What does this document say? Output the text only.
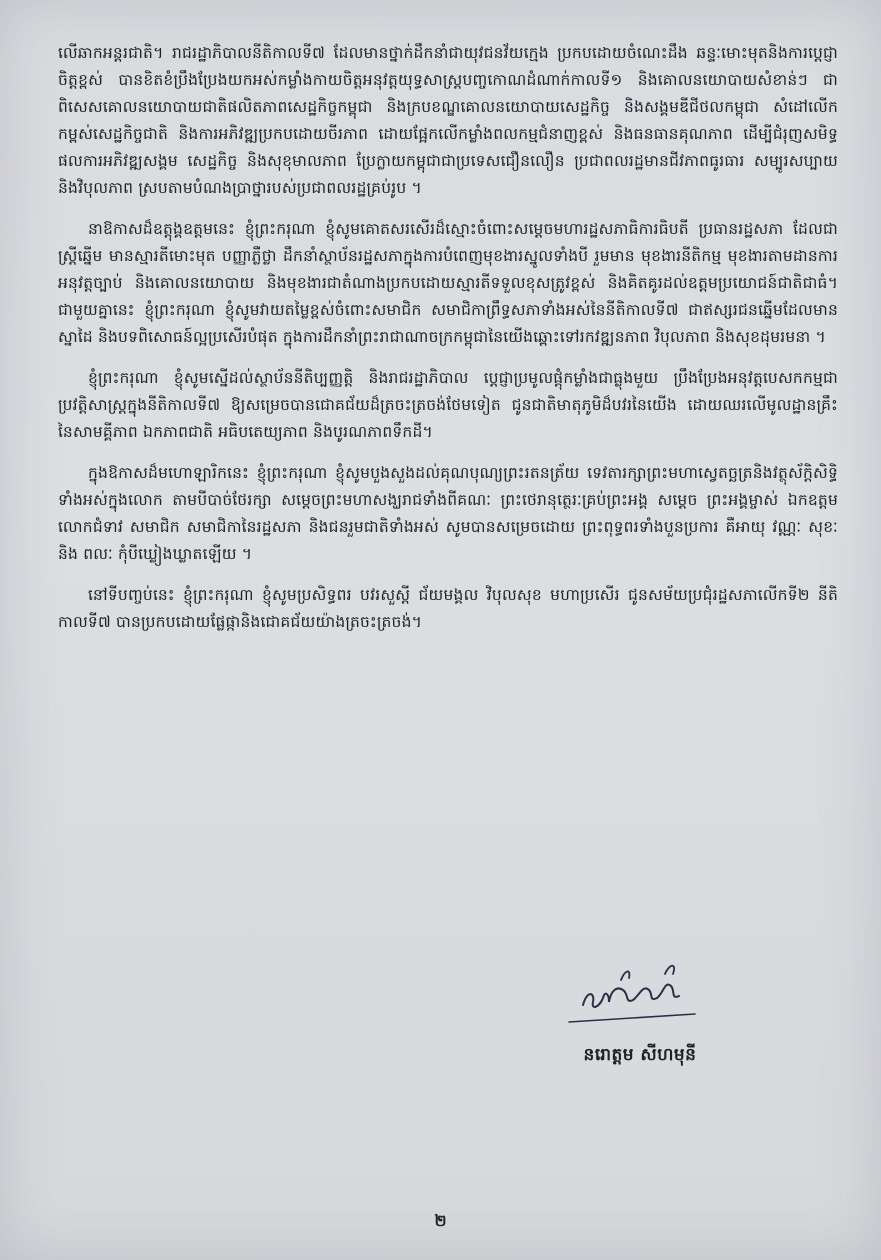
លើឆាកអន្តរជាតិ។ រាជរដ្ឋាភិបាលនីតិកាលទី៧ ដែលមានថ្នាក់ដឹកនាំជាយុវជនវ័យក្មេង ប្រកបដោយចំណេះដឹង ឆន្ទៈមោះមុតនិងការប្តេជ្ញាចិត្តខ្ពស់ បានខិតខំប្រឹងប្រែងយកអស់កម្លាំងកាយចិត្តអនុវត្តយុទ្ធសាស្ត្របញ្ចកោណដំណាក់កាលទី១ និងគោលនយោបាយសំខាន់ៗ ជាពិសេសគោលនយោបាយជាតិផលិតភាពសេដ្ឋកិច្ចកម្ពុជា និងក្របខណ្ឌគោលនយោបាយសេដ្ឋកិច្ច និងសង្គមឌីជីថលកម្ពុជា សំដៅលើកកម្ពស់សេដ្ឋកិច្ចជាតិ និងការអភិវឌ្ឍប្រកបដោយចីរភាព ដោយផ្អែកលើកម្លាំងពលកម្មជំនាញខ្ពស់ និងធនធានគុណភាព ដើម្បីជំរុញសមិទ្ធផលការអភិវឌ្ឍសង្គម សេដ្ឋកិច្ច និងសុខុមាលភាព ប្រែក្លាយកម្ពុជាជាប្រទេសជឿនលឿន ប្រជាពលរដ្ឋមានជីវភាពធូរធារ សម្បូរសប្បាយ និងវិបុលភាព ស្របតាមបំណងប្រាថ្នារបស់ប្រជាពលរដ្ឋគ្រប់រូប ។

នាឱកាសដ៏ឧត្តុង្គឧត្តមនេះ ខ្ញុំព្រះករុណា ខ្ញុំសូមគោតសរសើរដ៏ស្មោះចំពោះសម្តេចមហារដ្ឋសភាធិការធិបតី ប្រធានរដ្ឋសភា ដែលជាស្ត្រីឆ្នើម មានស្មារតីមោះមុត បញ្ញាភ្លឺថ្លា ដឹកនាំស្ថាប័នរដ្ឋសភាក្នុងការបំពេញមុខងារស្នូលទាំងបី រួមមាន មុខងារនីតិកម្ម មុខងារតាមដានការអនុវត្តច្បាប់ និងគោលនយោបាយ និងមុខងារជាតំណាងប្រកបដោយស្មារតីទទួលខុសត្រូវខ្ពស់ និងគិតគូរដល់ឧត្តមប្រយោជន៍ជាតិជាធំ។ ជាមួយគ្នានេះ ខ្ញុំព្រះករុណា ខ្ញុំសូមវាយតម្លៃខ្ពស់ចំពោះសមាជិក សមាជិកាព្រឹទ្ធសភាទាំងអស់នៃនីតិកាលទី៧ ជាឥស្សរជនឆ្នើមដែលមានស្នាដៃ និងបទពិសោធន៍ល្អប្រសើរបំផុត ក្នុងការដឹកនាំព្រះរាជាណាចក្រកម្ពុជានៃយើងឆ្ពោះទៅរកវឌ្ឍនភាព វិបុលភាព និងសុខដុមរមនា ។

ខ្ញុំព្រះករុណា ខ្ញុំសូមស្នើដល់ស្ថាប័ននីតិប្បញ្ញត្តិ និងរាជរដ្ឋាភិបាល ប្តេជ្ញាប្រមូលផ្តុំកម្លាំងជាធ្លុងមួយ ប្រឹងប្រែងអនុវត្តបេសកកម្មជាប្រវត្តិសាស្ត្រក្នុងនីតិកាលទី៧ ឱ្យសម្រេចបានជោគជ័យដ៏ត្រចះត្រចង់ថែមទៀត ជូនជាតិមាតុភូមិដ៏បវរនៃយើង ដោយឈរលើមូលដ្ឋានគ្រឹះ នៃសាមគ្គីភាព ឯកភាពជាតិ អធិបតេយ្យភាព និងបូរណភាពទឹកដី។

ក្នុងឱកាសដ៏មហោឡារិកនេះ ខ្ញុំព្រះករុណា ខ្ញុំសូមបួងសួងដល់គុណបុណ្យព្រះរតនត្រ័យ ទេវតារក្សាព្រះមហាស្វេតច្ឆត្រនិងវត្ថុស័ក្តិសិទ្ធិទាំងអស់ក្នុងលោក តាមបីបាច់ថែរក្សា សម្តេចព្រះមហាសង្ឃរាជទាំងពីគណៈ ព្រះថេរានុត្ថេរៈគ្រប់ព្រះអង្គ សម្តេច ព្រះអង្គម្ចាស់ ឯកឧត្តម លោកជំទាវ សមាជិក សមាជិកានៃរដ្ឋសភា និងជនរួមជាតិទាំងអស់ សូមបានសម្រេចដោយ ព្រះពុទ្ធពរទាំងបួនប្រការ គឺអាយុ វណ្ណៈ សុខៈ និង ពលៈ កុំបីឃ្លៀងឃ្លាតឡើយ ។

នៅទីបញ្ចប់នេះ ខ្ញុំព្រះករុណា ខ្ញុំសូមប្រសិទ្ធពរ បវរសួស្តី ជ័យមង្គល វិបុលសុខ មហាប្រសើរ ជូនសម័យប្រជុំរដ្ឋសភាលើកទី២ នីតិកាលទី៧ បានប្រកបដោយផ្លែផ្កានិងជោគជ័យយ៉ាងត្រចះត្រចង់។

នរោត្តម សីហមុនី
២
